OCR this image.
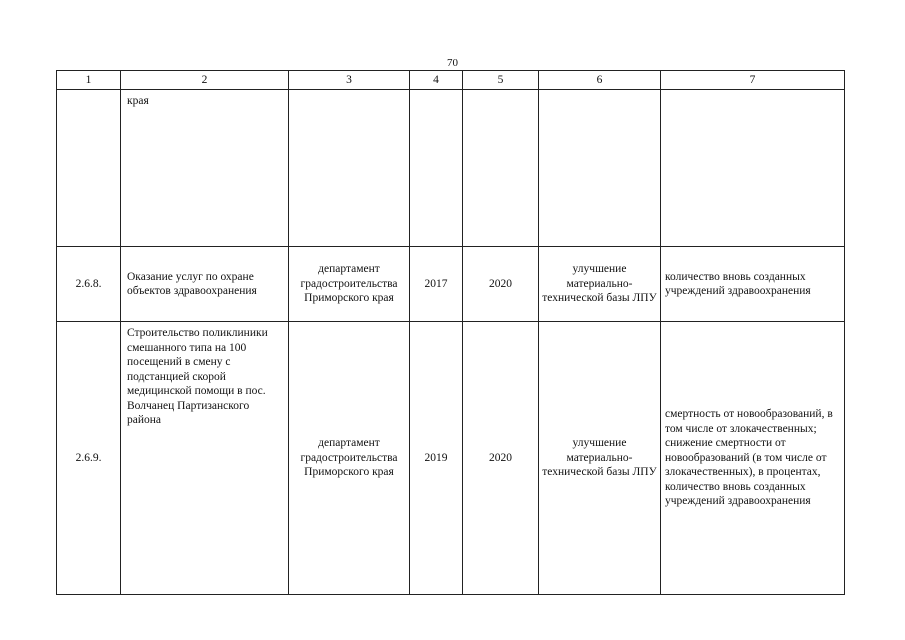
70
1	2	3	4	5	6	7
	края					
2.6.8.	Оказание услуг по охране объектов здравоохранения	департамент градостроительства Приморского края	2017	2020	улучшение материально-технической базы ЛПУ	количество вновь созданных учреждений здравоохранения
2.6.9.	Строительство поликлиники смешанного типа на 100 посещений в смену с подстанцией скорой медицинской помощи в пос. Волчанец Партизанского района	департамент градостроительства Приморского края	2019	2020	улучшение материально-технической базы ЛПУ	смертность от новообразований, в том числе от злокачественных; снижение смертности от новообразований (в том числе от злокачественных), в процентах, количество вновь созданных учреждений здравоохранения
